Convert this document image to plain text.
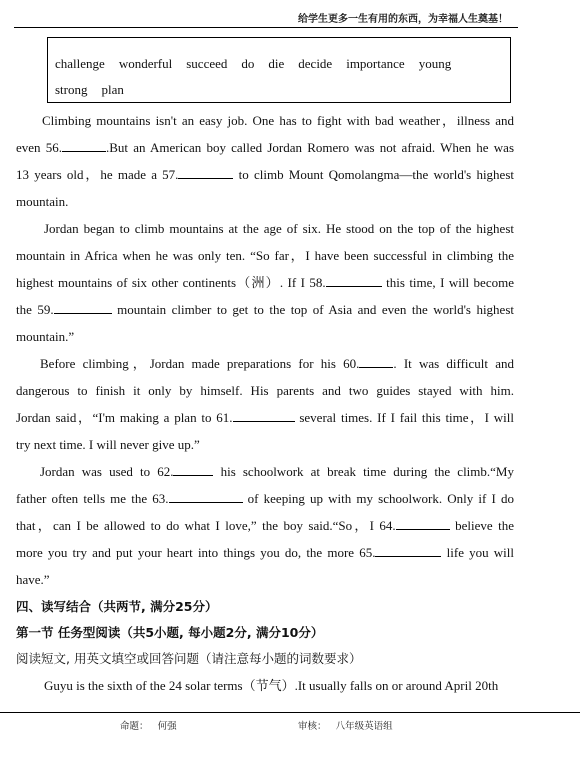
给学生更多一生有用的东西，为幸福人生奠基！
challenge wonderful succeed do die decide importance young
strong plan
Climbing mountains isn't an easy job. One has to fight with bad weather，illness and
even 56.	.But an American boy called Jordan Romero was not afraid. When he was
13 years old，he made a 57.	to climb Mount Qomolangma—the world's highest
mountain.
Jordan began to climb mountains at the age of six. He stood on the top of the highest
mountain in Africa when he was only ten. “So far，I have been successful in climbing the
highest mountains of six other continents（洲）. If I 58.	this time, I will become
the 59.	mountain climber to get to the top of Asia and even the world's highest
mountain.”
Before climbing，Jordan made preparations for his 60.	. It was difficult and
dangerous to finish it only by himself. His parents and two guides stayed with him.
Jordan said，“I'm making a plan to 61.	several times. If I fail this time，I will
try next time. I will never give up.”
Jordan was used to 62.	his schoolwork at break time during the climb.“My
father often tells me the 63.	of keeping up with my schoolwork. Only if I do
that，can I be allowed to do what I love,” the boy said.“So，I 64.	believe the
more you try and put your heart into things you do, the more 65.	life you will
have.”
四、读写结合（共两节, 满分25分）
第一节 任务型阅读（共5小题, 每小题2分, 满分10分）
阅读短文, 用英文填空或回答问题（请注意每小题的词数要求）
Guyu is the sixth of the 24 solar terms（节气）.It usually falls on or around April 20th
命题： 何强	审核： 八年级英语组
